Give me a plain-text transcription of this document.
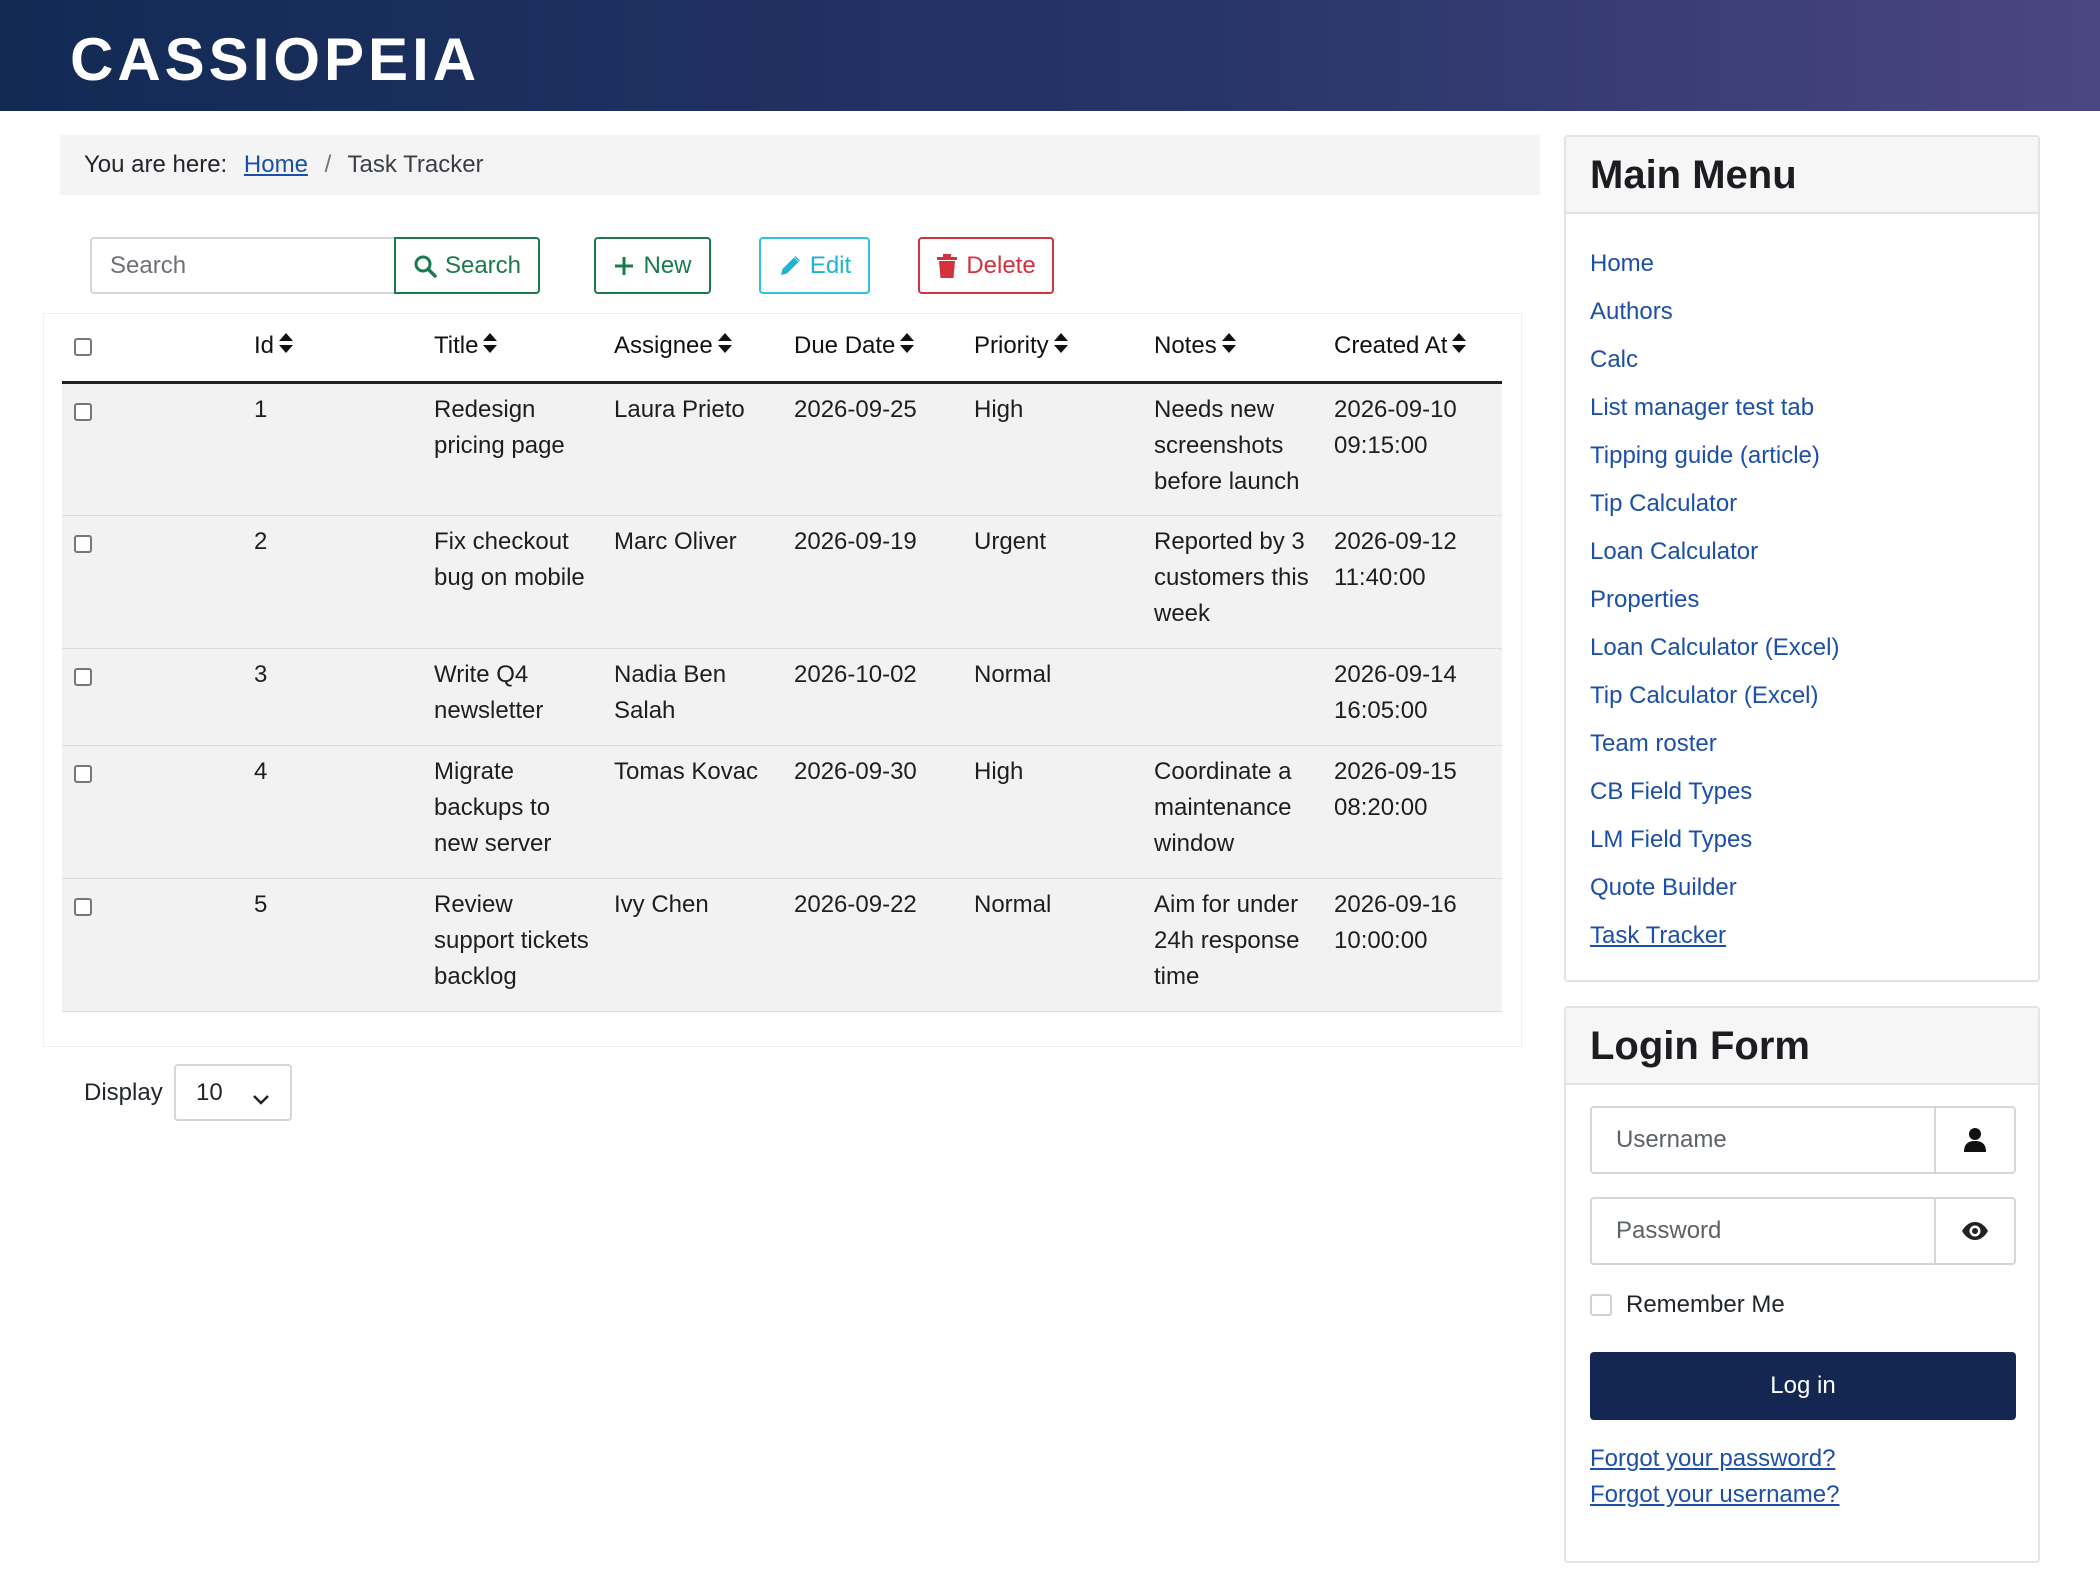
CASSIOPEIA
You are here: Home / Task Tracker
Search
Search	New	Edit	Delete
	Id	Title	Assignee	Due Date	Priority	Notes	Created At
	1	Redesign pricing page	Laura Prieto	2026-09-25	High	Needs new screenshots before launch	2026-09-10 09:15:00
	2	Fix checkout bug on mobile	Marc Oliver	2026-09-19	Urgent	Reported by 3 customers this week	2026-09-12 11:40:00
	3	Write Q4 newsletter	Nadia Ben Salah	2026-10-02	Normal		2026-09-14 16:05:00
	4	Migrate backups to new server	Tomas Kovac	2026-09-30	High	Coordinate a maintenance window	2026-09-15 08:20:00
	5	Review support tickets backlog	Ivy Chen	2026-09-22	Normal	Aim for under 24h response time	2026-09-16 10:00:00
Display 10
Main Menu
Home
Authors
Calc
List manager test tab
Tipping guide (article)
Tip Calculator
Loan Calculator
Properties
Loan Calculator (Excel)
Tip Calculator (Excel)
Team roster
CB Field Types
LM Field Types
Quote Builder
Task Tracker
Login Form
Username
Remember Me
Log in
Forgot your password?
Forgot your username?
